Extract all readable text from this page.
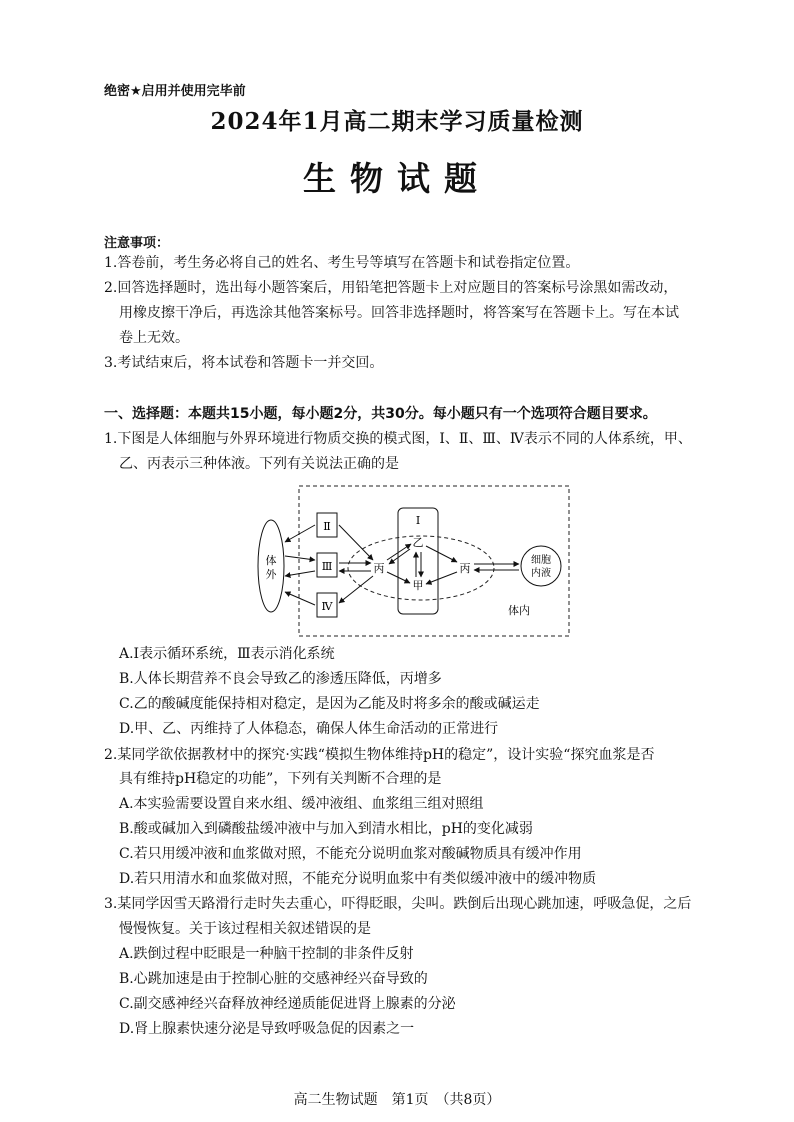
绝密★启用并使用完毕前
2024年1月高二期末学习质量检测
生物试题
注意事项：
1.答卷前，考生务必将自己的姓名、考生号等填写在答题卡和试卷指定位置。
2.回答选择题时，选出每小题答案后，用铅笔把答题卡上对应题目的答案标号涂黑如需改动，
用橡皮擦干净后，再选涂其他答案标号。回答非选择题时，将答案写在答题卡上。写在本试
卷上无效。
3.考试结束后，将本试卷和答题卡一并交回。
一、选择题：本题共15小题，每小题2分，共30分。每小题只有一个选项符合题目要求。
1.下图是人体细胞与外界环境进行物质交换的模式图，Ⅰ、Ⅱ、Ⅲ、Ⅳ表示不同的人体系统，甲、
乙、丙表示三种体液。下列有关说法正确的是
体
外
Ⅱ
Ⅲ
Ⅳ
Ⅰ
乙
甲
丙	丙
细胞
内液
体内
A.Ⅰ表示循环系统，Ⅲ表示消化系统
B.人体长期营养不良会导致乙的渗透压降低，丙增多
C.乙的酸碱度能保持相对稳定，是因为乙能及时将多余的酸或碱运走
D.甲、乙、丙维持了人体稳态，确保人体生命活动的正常进行
2.某同学欲依据教材中的探究·实践“模拟生物体维持pH的稳定”，设计实验“探究血浆是否
具有维持pH稳定的功能”，下列有关判断不合理的是
A.本实验需要设置自来水组、缓冲液组、血浆组三组对照组
B.酸或碱加入到磷酸盐缓冲液中与加入到清水相比，pH的变化减弱
C.若只用缓冲液和血浆做对照，不能充分说明血浆对酸碱物质具有缓冲作用
D.若只用清水和血浆做对照，不能充分说明血浆中有类似缓冲液中的缓冲物质
3.某同学因雪天路滑行走时失去重心，吓得眨眼，尖叫。跌倒后出现心跳加速，呼吸急促，之后
慢慢恢复。关于该过程相关叙述错误的是
A.跌倒过程中眨眼是一种脑干控制的非条件反射
B.心跳加速是由于控制心脏的交感神经兴奋导致的
C.副交感神经兴奋释放神经递质能促进肾上腺素的分泌
D.肾上腺素快速分泌是导致呼吸急促的因素之一
高二生物试题　第1页　（共8页）
